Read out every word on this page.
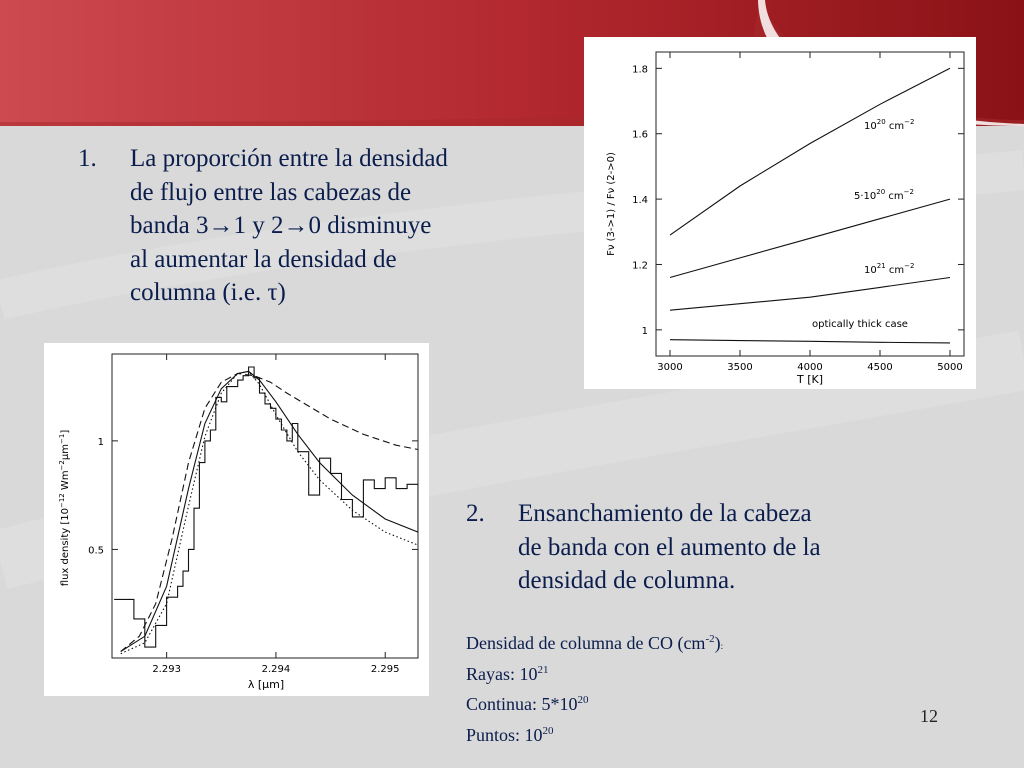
1. La proporción entre la densidad
de flujo entre las cabezas de
banda 3→1 y 2→0 disminuye
al aumentar la densidad de
columna (i.e. τ)
2. Ensanchamiento de la cabeza
de banda con el aumento de la
densidad de columna.
Densidad de columna de CO $(cm^{-2})$:
Rayas: $10^{21}$
Continua: $5*10^{20}$
Puntos: $10^{20}$
12
1
1.2
1.4
1.6
1.8
3000	3500	4000	4500	5000
T [K]
Fν (3->1) / Fν (2->0)
$10^{20}$ $cm^{-2}$
$5\cdot 10^{20}$ $cm^{-2}$
$10^{21}$ $cm^{-2}$
optically thick case
0.5
1
2.293	2.294	2.295
λ [μm]
flux density [$10^{-12}$ $Wm^{-2}\mu m^{-1}$]
